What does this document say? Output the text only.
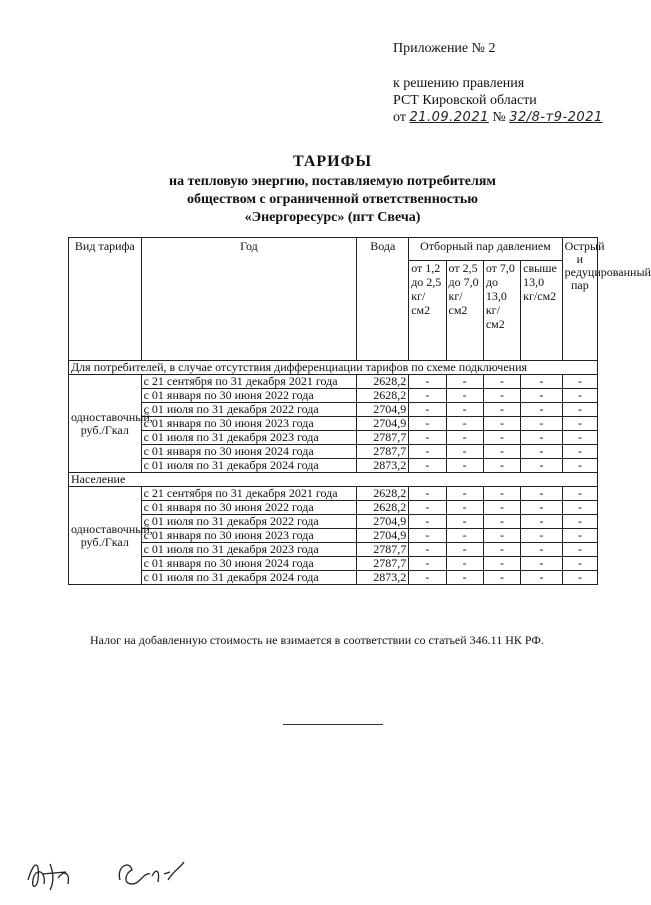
Приложение № 2
к решению правления
РСТ Кировской области
от 21.09.2021 № 32/8-т9-2021
ТАРИФЫ
на тепловую энергию, поставляемую потребителям
обществом с ограниченной ответственностью
«Энергоресурс» (пгт Свеча)
Вид тарифа	Год	Вода	Отборный пар давлением				Острый и редуцированный пар
			от 1,2 до 2,5 кг/см2	от 2,5 до 7,0 кг/см2	от 7,0 до 13,0 кг/см2	свыше 13,0 кг/см2	
Для потребителей, в случае отсутствия дифференциации тарифов по схеме подключения							
одноставочный, руб./Гкал	с 21 сентября по 31 декабря 2021 года	2628,2	-	-	-	-	-
	с 01 января по 30 июня 2022 года	2628,2	-	-	-	-	-
	с 01 июля по 31 декабря 2022 года	2704,9	-	-	-	-	-
	с 01 января по 30 июня 2023 года	2704,9	-	-	-	-	-
	с 01 июля по 31 декабря 2023 года	2787,7	-	-	-	-	-
	с 01 января по 30 июня 2024 года	2787,7	-	-	-	-	-
	с 01 июля по 31 декабря 2024 года	2873,2	-	-	-	-	-
Население							
одноставочный, руб./Гкал	с 21 сентября по 31 декабря 2021 года	2628,2	-	-	-	-	-
	с 01 января по 30 июня 2022 года	2628,2	-	-	-	-	-
	с 01 июля по 31 декабря 2022 года	2704,9	-	-	-	-	-
	с 01 января по 30 июня 2023 года	2704,9	-	-	-	-	-
	с 01 июля по 31 декабря 2023 года	2787,7	-	-	-	-	-
	с 01 января по 30 июня 2024 года	2787,7	-	-	-	-	-
	с 01 июля по 31 декабря 2024 года	2873,2	-	-	-	-	-
Налог на добавленную стоимость не взимается в соответствии со статьей 346.11 НК РФ.
